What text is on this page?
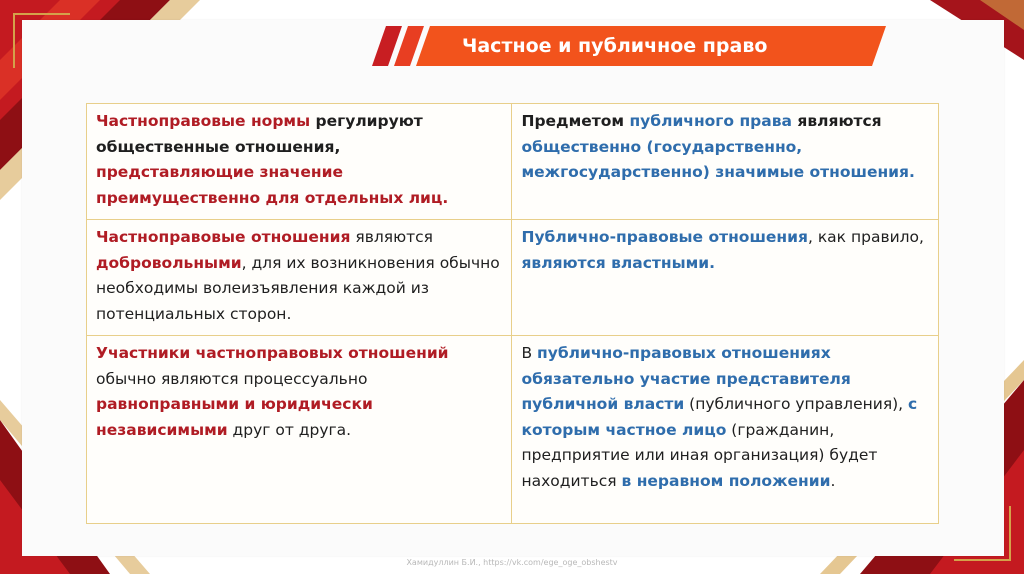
Частное и публичное право
Частноправовые нормы регулируют общественные отношения, представляющие значение преимущественно для отдельных лиц.	Предметом публичного права являются общественно (государственно, межгосударственно) значимые отношения.
Частноправовые отношения являются добровольными, для их возникновения обычно необходимы волеизъявления каждой из потенциальных сторон.	Публично-правовые отношения, как правило, являются властными.
Участники частноправовых отношений обычно являются процессуально равноправными и юридически независимыми друг от друга.	В публично-правовых отношениях обязательно участие представителя публичной власти (публичного управления), с которым частное лицо (гражданин, предприятие или иная организация) будет находиться в неравном положении.
Хамидуллин Б.И., https://vk.com/ege_oge_obshestv
